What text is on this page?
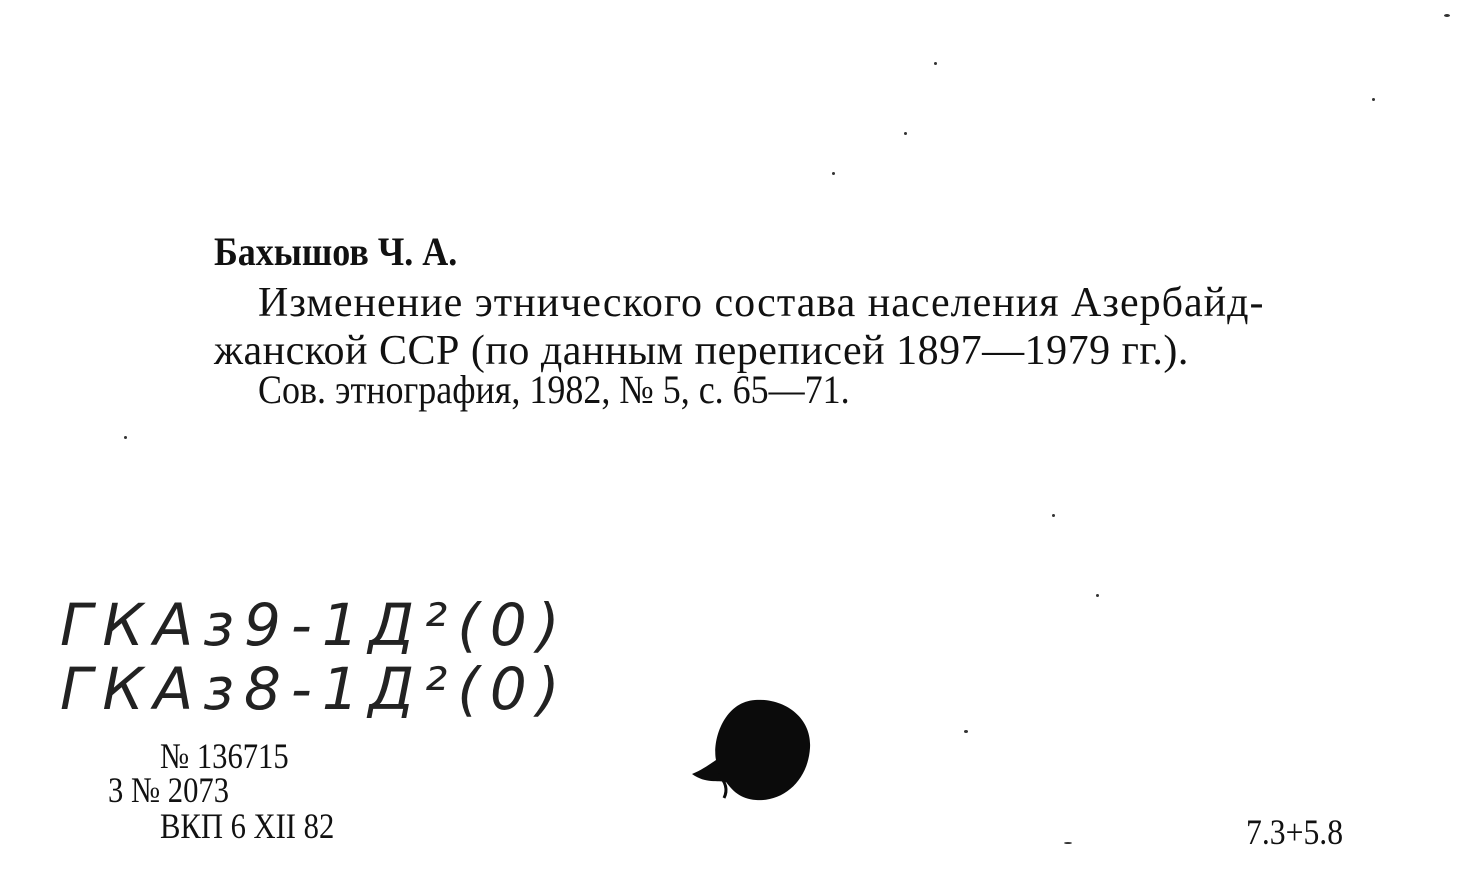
Бахышов Ч. А.
Изменение этнического состава населения Азербайд-
жанской ССР (по данным переписей 1897—1979 гг.).
Сов. этнография, 1982, № 5, с. 65—71.
ГКАз9-1Д²(0)
ГКАз8-1Д²(0)
№ 136715
3 № 2073
ВКП 6 XII 82	7.3+5.8
